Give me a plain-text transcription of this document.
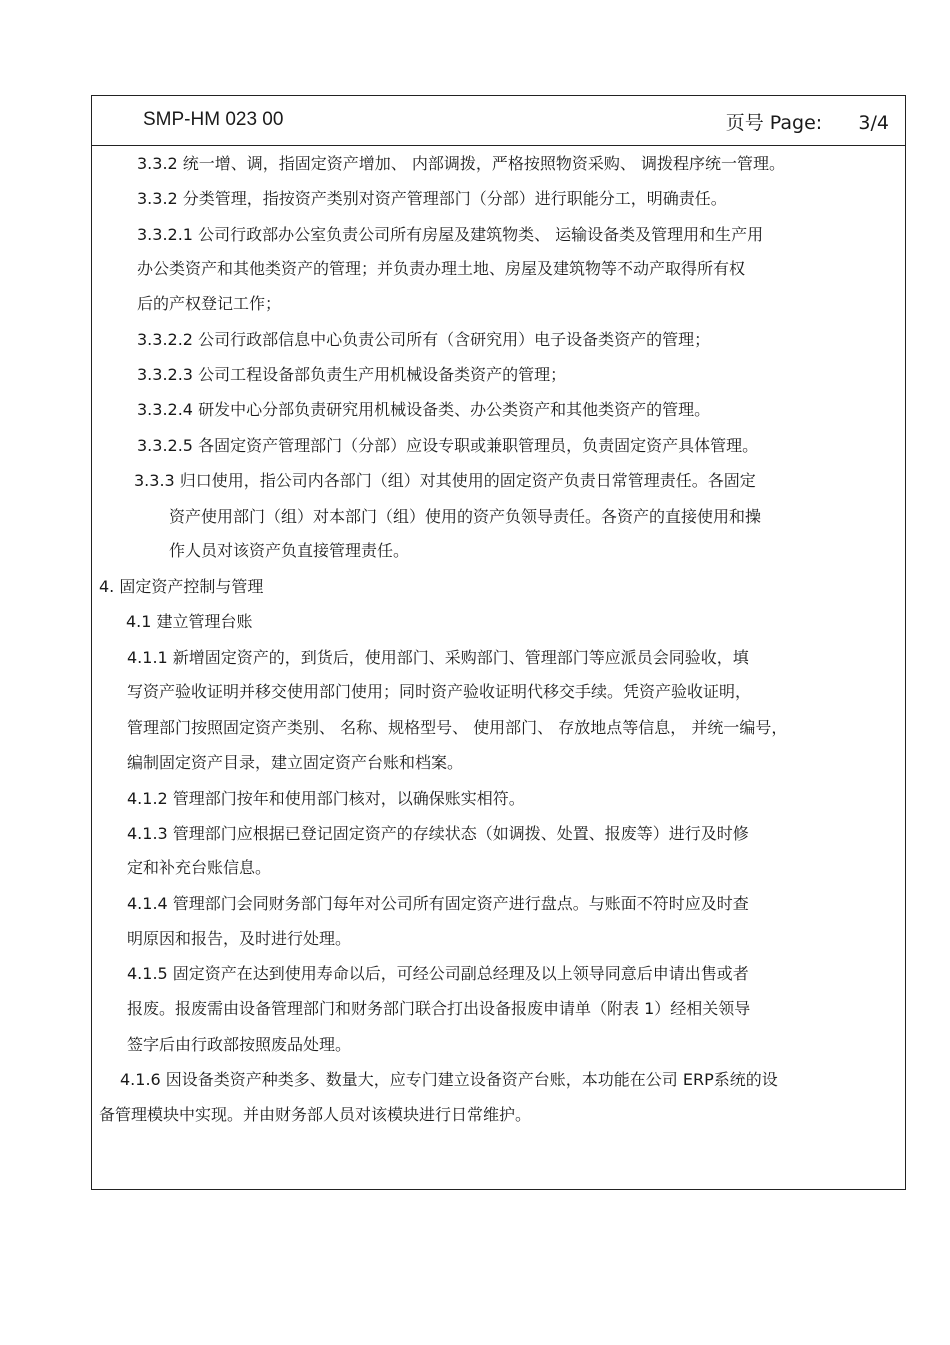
SMP-HM 023 00	页号 Page: 3/4
3.3.2 统一增、调，指固定资产增加、 内部调拨，严格按照物资采购、 调拨程序统一管理。
3.3.2 分类管理，指按资产类别对资产管理部门（分部）进行职能分工，明确责任。
3.3.2.1 公司行政部办公室负责公司所有房屋及建筑物类、 运输设备类及管理用和生产用
办公类资产和其他类资产的管理；并负责办理土地、房屋及建筑物等不动产取得所有权
后的产权登记工作；
3.3.2.2 公司行政部信息中心负责公司所有（含研究用）电子设备类资产的管理；
3.3.2.3 公司工程设备部负责生产用机械设备类资产的管理；
3.3.2.4 研发中心分部负责研究用机械设备类、办公类资产和其他类资产的管理。
3.3.2.5 各固定资产管理部门（分部）应设专职或兼职管理员，负责固定资产具体管理。
3.3.3 归口使用，指公司内各部门（组）对其使用的固定资产负责日常管理责任。各固定
资产使用部门（组）对本部门（组）使用的资产负领导责任。各资产的直接使用和操
作人员对该资产负直接管理责任。
4. 固定资产控制与管理
4.1 建立管理台账
4.1.1 新增固定资产的，到货后，使用部门、采购部门、管理部门等应派员会同验收，填
写资产验收证明并移交使用部门使用；同时资产验收证明代移交手续。凭资产验收证明，
管理部门按照固定资产类别、 名称、规格型号、 使用部门、 存放地点等信息， 并统一编号，
编制固定资产目录，建立固定资产台账和档案。
4.1.2 管理部门按年和使用部门核对，以确保账实相符。
4.1.3 管理部门应根据已登记固定资产的存续状态（如调拨、处置、报废等）进行及时修
定和补充台账信息。
4.1.4 管理部门会同财务部门每年对公司所有固定资产进行盘点。与账面不符时应及时查
明原因和报告，及时进行处理。
4.1.5 固定资产在达到使用寿命以后，可经公司副总经理及以上领导同意后申请出售或者
报废。报废需由设备管理部门和财务部门联合打出设备报废申请单（附表 1）经相关领导
签字后由行政部按照废品处理。
4.1.6 因设备类资产种类多、数量大，应专门建立设备资产台账，本功能在公司 ERP系统的设
备管理模块中实现。并由财务部人员对该模块进行日常维护。
